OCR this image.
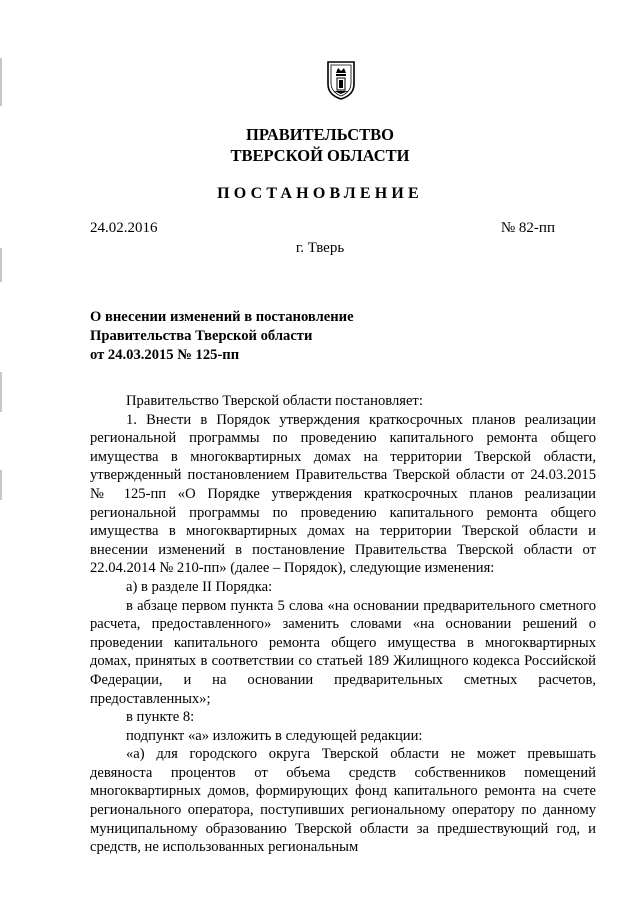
ПРАВИТЕЛЬСТВО
ТВЕРСКОЙ ОБЛАСТИ
ПОСТАНОВЛЕНИЕ
24.02.2016	№ 82-пп
г. Тверь
О внесении изменений в постановление
Правительства Тверской области
от 24.03.2015 № 125-пп

Правительство Тверской области постановляет:

1. Внести в Порядок утверждения краткосрочных планов реализации региональной программы по проведению капитального ремонта общего имущества в многоквартирных домах на территории Тверской области, утвержденный постановлением Правительства Тверской области от 24.03.2015 № 125-пп «О Порядке утверждения краткосрочных планов реализации региональной программы по проведению капитального ремонта общего имущества в многоквартирных домах на территории Тверской области и внесении изменений в постановление Правительства Тверской области от 22.04.2014 № 210-пп» (далее – Порядок), следующие изменения:

а) в разделе II Порядка:

в абзаце первом пункта 5 слова «на основании предварительного сметного расчета, предоставленного» заменить словами «на основании решений о проведении капитального ремонта общего имущества в многоквартирных домах, принятых в соответствии со статьей 189 Жилищного кодекса Российской Федерации, и на основании предварительных сметных расчетов, предоставленных»;

в пункте 8:

подпункт «а» изложить в следующей редакции:

«а) для городского округа Тверской области не может превышать девяноста процентов от объема средств собственников помещений многоквартирных домов, формирующих фонд капитального ремонта на счете регионального оператора, поступивших региональному оператору по данному муниципальному образованию Тверской области за предшествующий год, и средств, не использованных региональным
